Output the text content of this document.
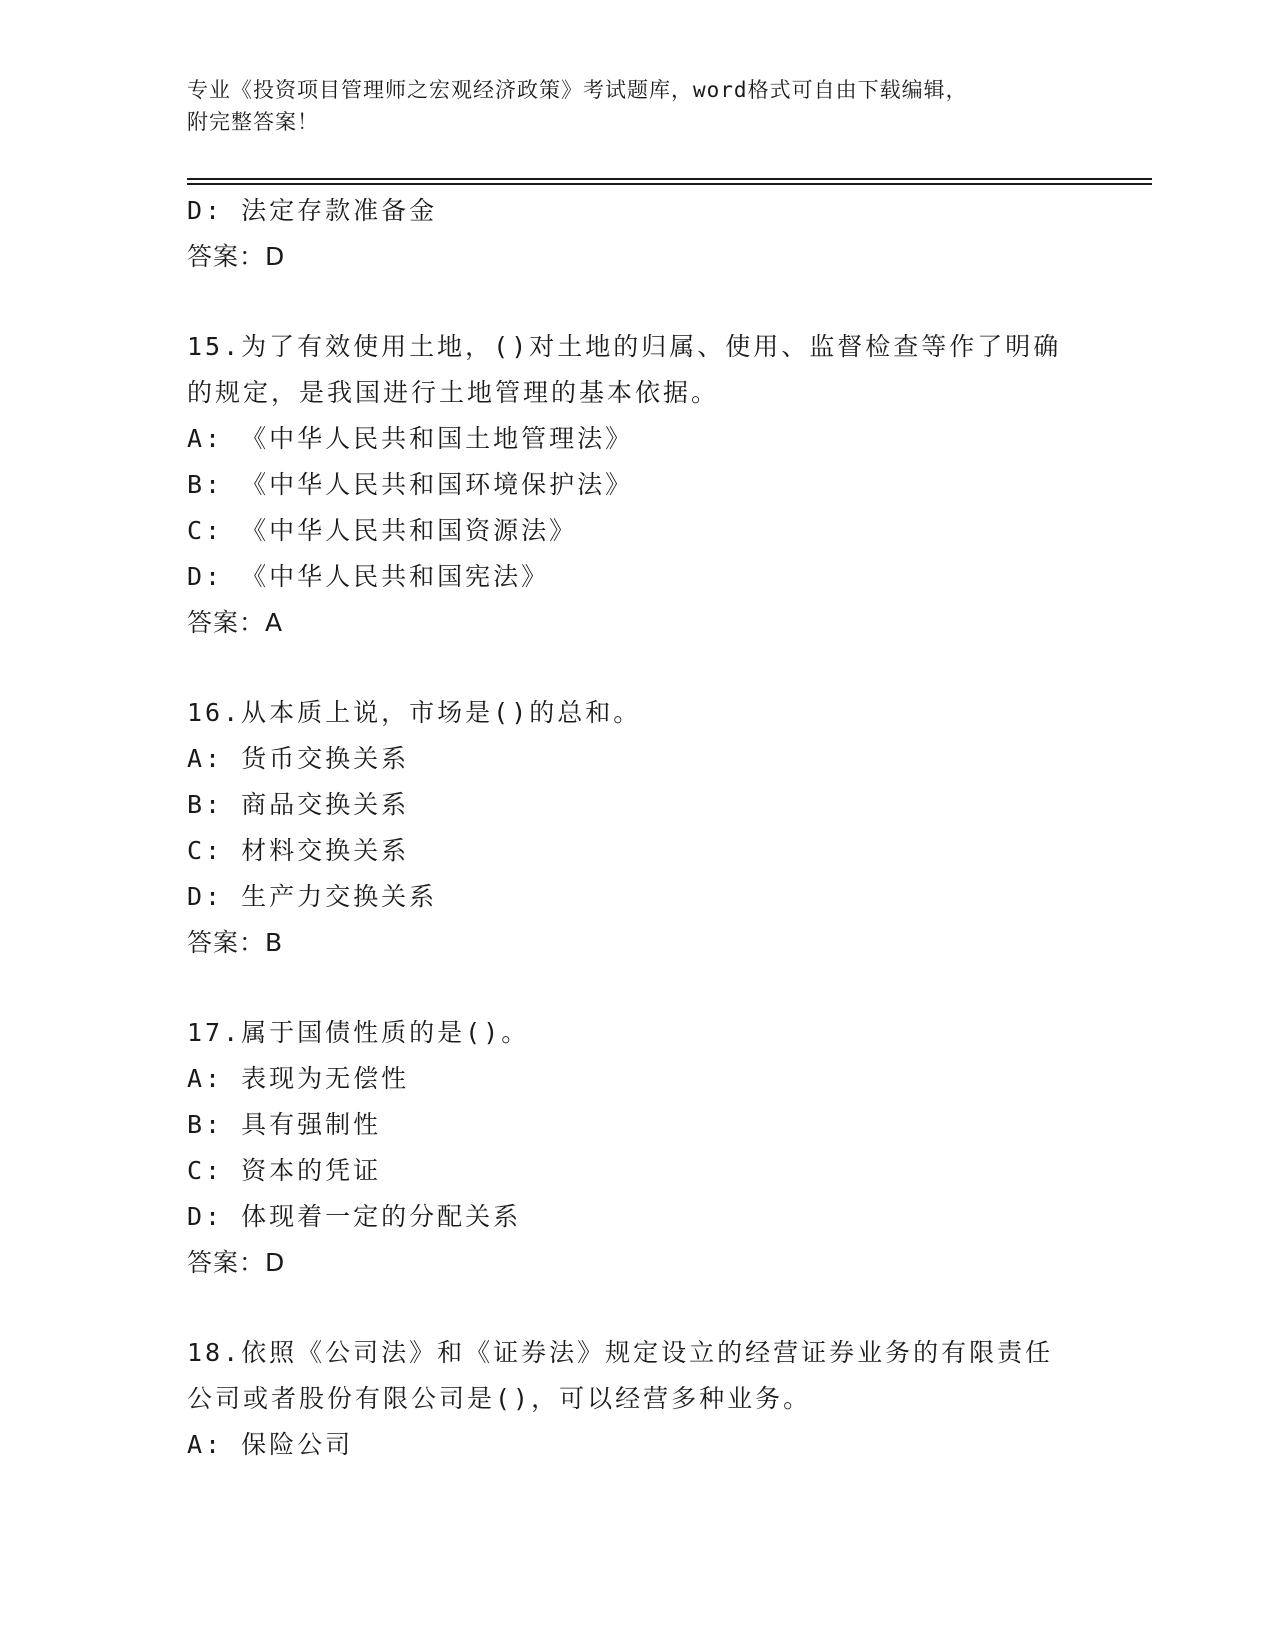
专业《投资项目管理师之宏观经济政策》考试题库，word格式可自由下载编辑，
附完整答案！
D: 法定存款准备金
答案：D
15.为了有效使用土地，()对土地的归属、使用、监督检查等作了明确
的规定，是我国进行土地管理的基本依据。
A: 《中华人民共和国土地管理法》
B: 《中华人民共和国环境保护法》
C: 《中华人民共和国资源法》
D: 《中华人民共和国宪法》
答案：A
16.从本质上说，市场是()的总和。
A: 货币交换关系
B: 商品交换关系
C: 材料交换关系
D: 生产力交换关系
答案：B
17.属于国债性质的是()。
A: 表现为无偿性
B: 具有强制性
C: 资本的凭证
D: 体现着一定的分配关系
答案：D
18.依照《公司法》和《证券法》规定设立的经营证券业务的有限责任
公司或者股份有限公司是()，可以经营多种业务。
A: 保险公司
